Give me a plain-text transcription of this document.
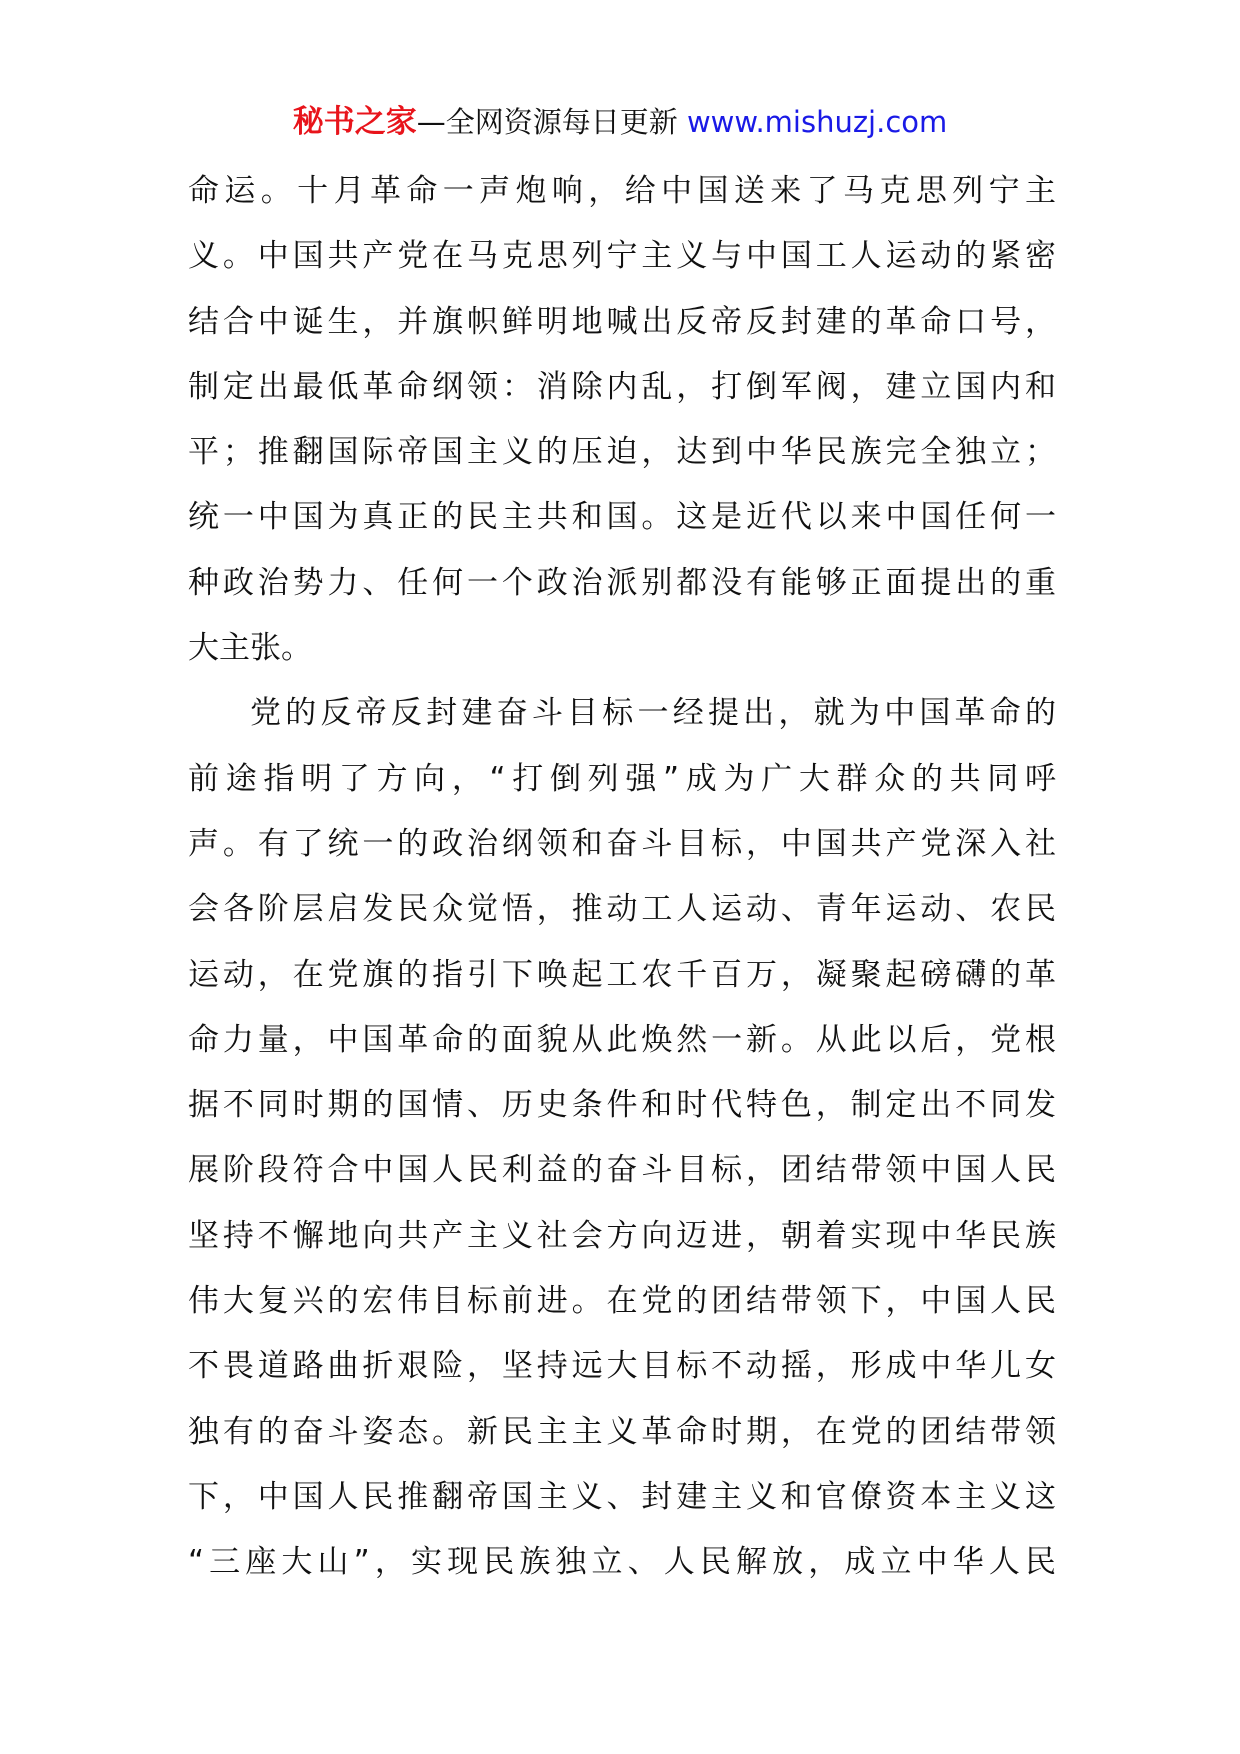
秘书之家—全网资源每日更新 www.mishuzj.com
命运。十月革命一声炮响，给中国送来了马克思列宁主
义。中国共产党在马克思列宁主义与中国工人运动的紧密
结合中诞生，并旗帜鲜明地喊出反帝反封建的革命口号，
制定出最低革命纲领：消除内乱，打倒军阀，建立国内和
平；推翻国际帝国主义的压迫，达到中华民族完全独立；
统一中国为真正的民主共和国。这是近代以来中国任何一
种政治势力、任何一个政治派别都没有能够正面提出的重
大主张。
党的反帝反封建奋斗目标一经提出，就为中国革命的
前途指明了方向，“打倒列强”成为广大群众的共同呼
声。有了统一的政治纲领和奋斗目标，中国共产党深入社
会各阶层启发民众觉悟，推动工人运动、青年运动、农民
运动，在党旗的指引下唤起工农千百万，凝聚起磅礴的革
命力量，中国革命的面貌从此焕然一新。从此以后，党根
据不同时期的国情、历史条件和时代特色，制定出不同发
展阶段符合中国人民利益的奋斗目标，团结带领中国人民
坚持不懈地向共产主义社会方向迈进，朝着实现中华民族
伟大复兴的宏伟目标前进。在党的团结带领下，中国人民
不畏道路曲折艰险，坚持远大目标不动摇，形成中华儿女
独有的奋斗姿态。新民主主义革命时期，在党的团结带领
下，中国人民推翻帝国主义、封建主义和官僚资本主义这
“三座大山”，实现民族独立、人民解放，成立中华人民
